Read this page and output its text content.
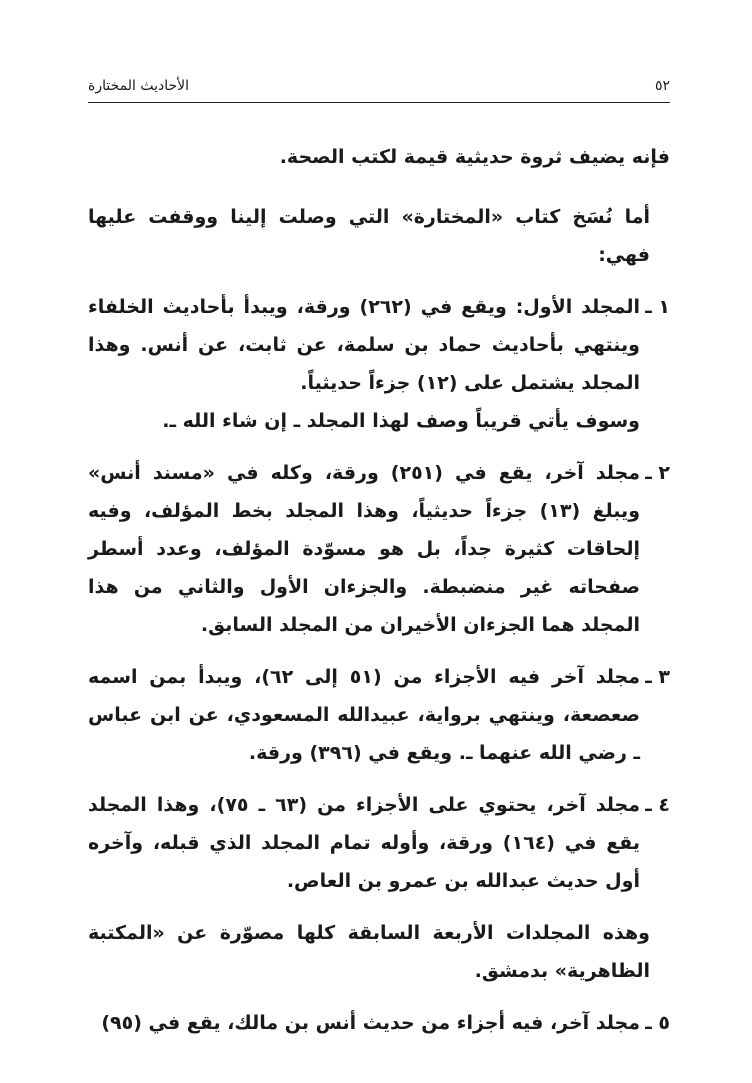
٥٢
الأحاديث المختارة

فإنه يضيف ثروة حديثية قيمة لكتب الصحة.

أما نُسَخ كتاب «المختارة» التي وصلت إلينا ووقفت عليها فهي:

١ ـ
المجلد الأول: ويقع في (٢٦٢) ورقة، ويبدأ بأحاديث الخلفاء وينتهي بأحاديث حماد بن سلمة، عن ثابت، عن أنس. وهذا المجلد يشتمل على (١٢) جزءاً حديثياً.
وسوف يأتي قريباً وصف لهذا المجلد ـ إن شاء الله ـ.
٢ ـ
مجلد آخر، يقع في (٢٥١) ورقة، وكله في «مسند أنس» ويبلغ (١٣) جزءاً حديثياً، وهذا المجلد بخط المؤلف، وفيه إلحاقات كثيرة جداً، بل هو مسوّدة المؤلف، وعدد أسطر صفحاته غير منضبطة. والجزءان الأول والثاني من هذا المجلد هما الجزءان الأخيران من المجلد السابق.
٣ ـ
مجلد آخر فيه الأجزاء من (٥١ إلى ٦٢)، ويبدأ بمن اسمه صعصعة، وينتهي برواية، عبيدالله المسعودي، عن ابن عباس ـ رضي الله عنهما ـ. ويقع في (٣٩٦) ورقة.
٤ ـ
مجلد آخر، يحتوي على الأجزاء من (٦٣ ـ ٧٥)، وهذا المجلد يقع في (١٦٤) ورقة، وأوله تمام المجلد الذي قبله، وآخره أول حديث عبدالله بن عمرو بن العاص.

وهذه المجلدات الأربعة السابقة كلها مصوّرة عن «المكتبة الظاهرية» بدمشق.

٥ ـ
مجلد آخر، فيه أجزاء من حديث أنس بن مالك، يقع في (٩٥)
